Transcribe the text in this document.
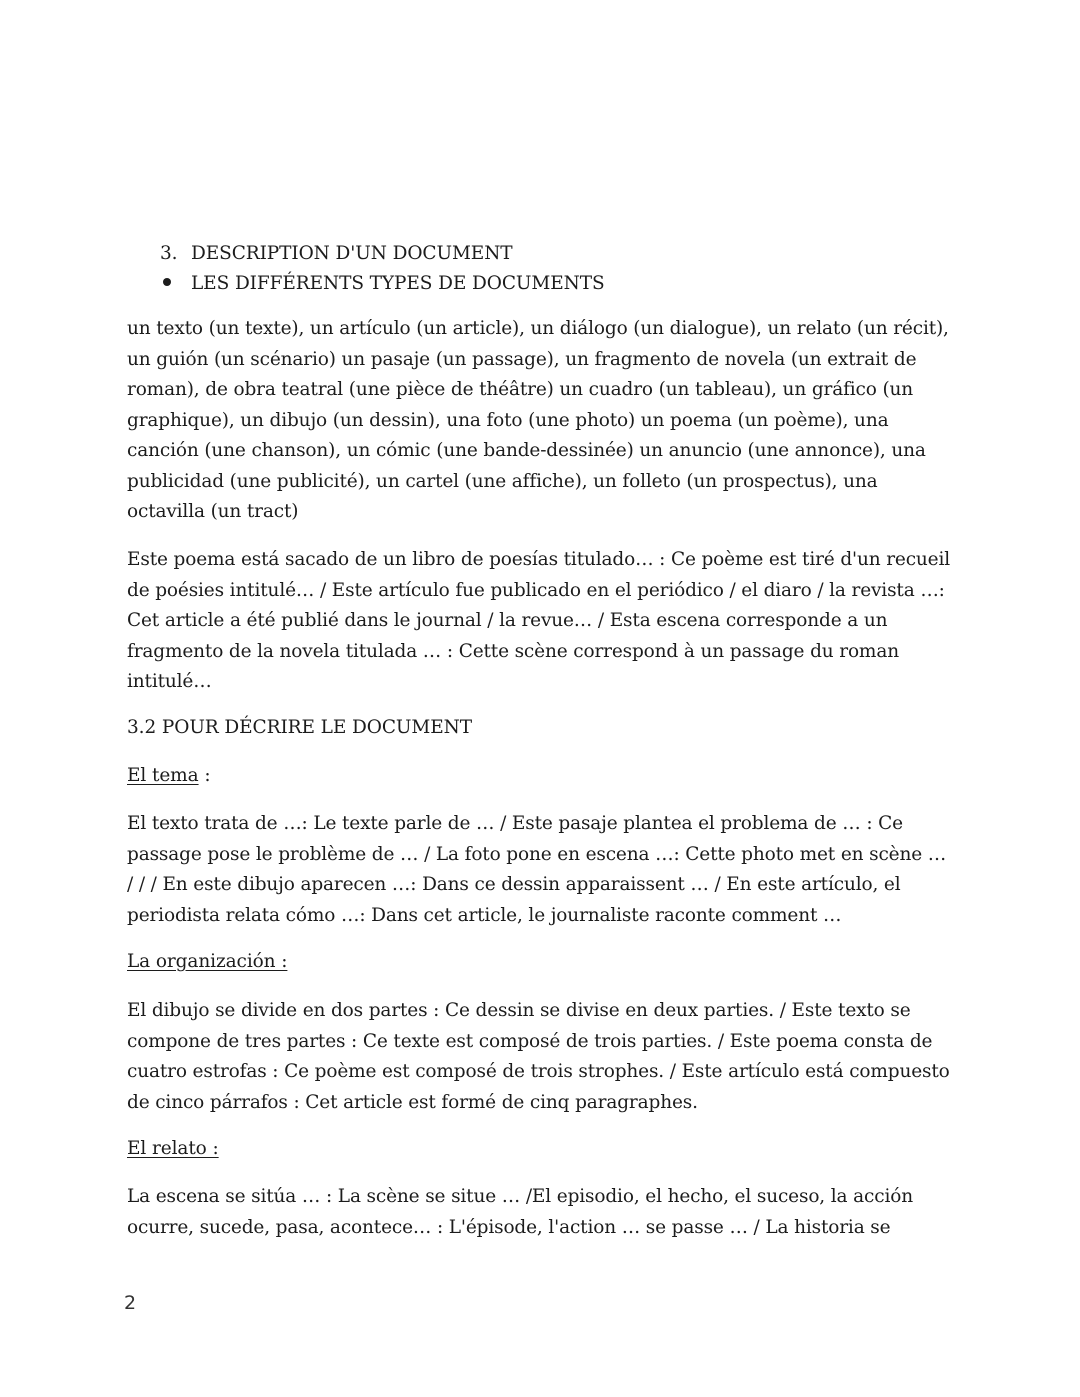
3. DESCRIPTION D'UN DOCUMENT
LES DIFFÉRENTS TYPES DE DOCUMENTS

un texto (un texte), un artículo (un article), un diálogo (un dialogue), un relato (un récit), un guión (un scénario) un pasaje (un passage), un fragmento de novela (un extrait de roman), de obra teatral (une pièce de théâtre) un cuadro (un tableau), un gráfico (un graphique), un dibujo (un dessin), una foto (une photo) un poema (un poème), una canción (une chanson), un cómic (une bande-dessinée) un anuncio (une annonce), una publicidad (une publicité), un cartel (une affiche), un folleto (un prospectus), una octavilla (un tract)

Este poema está sacado de un libro de poesías titulado… : Ce poème est tiré d'un recueil de poésies intitulé… / Este artículo fue publicado en el periódico / el diaro / la revista …: Cet article a été publié dans le journal / la revue… / Esta escena corresponde a un fragmento de la novela titulada … : Cette scène correspond à un passage du roman intitulé…

3.2 POUR DÉCRIRE LE DOCUMENT

El tema :

El texto trata de …: Le texte parle de … / Este pasaje plantea el problema de … : Ce passage pose le problème de … / La foto pone en escena …: Cette photo met en scène … / / / En este dibujo aparecen …: Dans ce dessin apparaissent … / En este artículo, el periodista relata cómo …: Dans cet article, le journaliste raconte comment …

La organización :

El dibujo se divide en dos partes : Ce dessin se divise en deux parties. / Este texto se compone de tres partes : Ce texte est composé de trois parties. / Este poema consta de cuatro estrofas : Ce poème est composé de trois strophes. / Este artículo está compuesto de cinco párrafos : Cet article est formé de cinq paragraphes.

El relato :

La escena se sitúa … : La scène se situe … /El episodio, el hecho, el suceso, la acción ocurre, sucede, pasa, acontece… : L'épisode, l'action … se passe … / La historia se

2
